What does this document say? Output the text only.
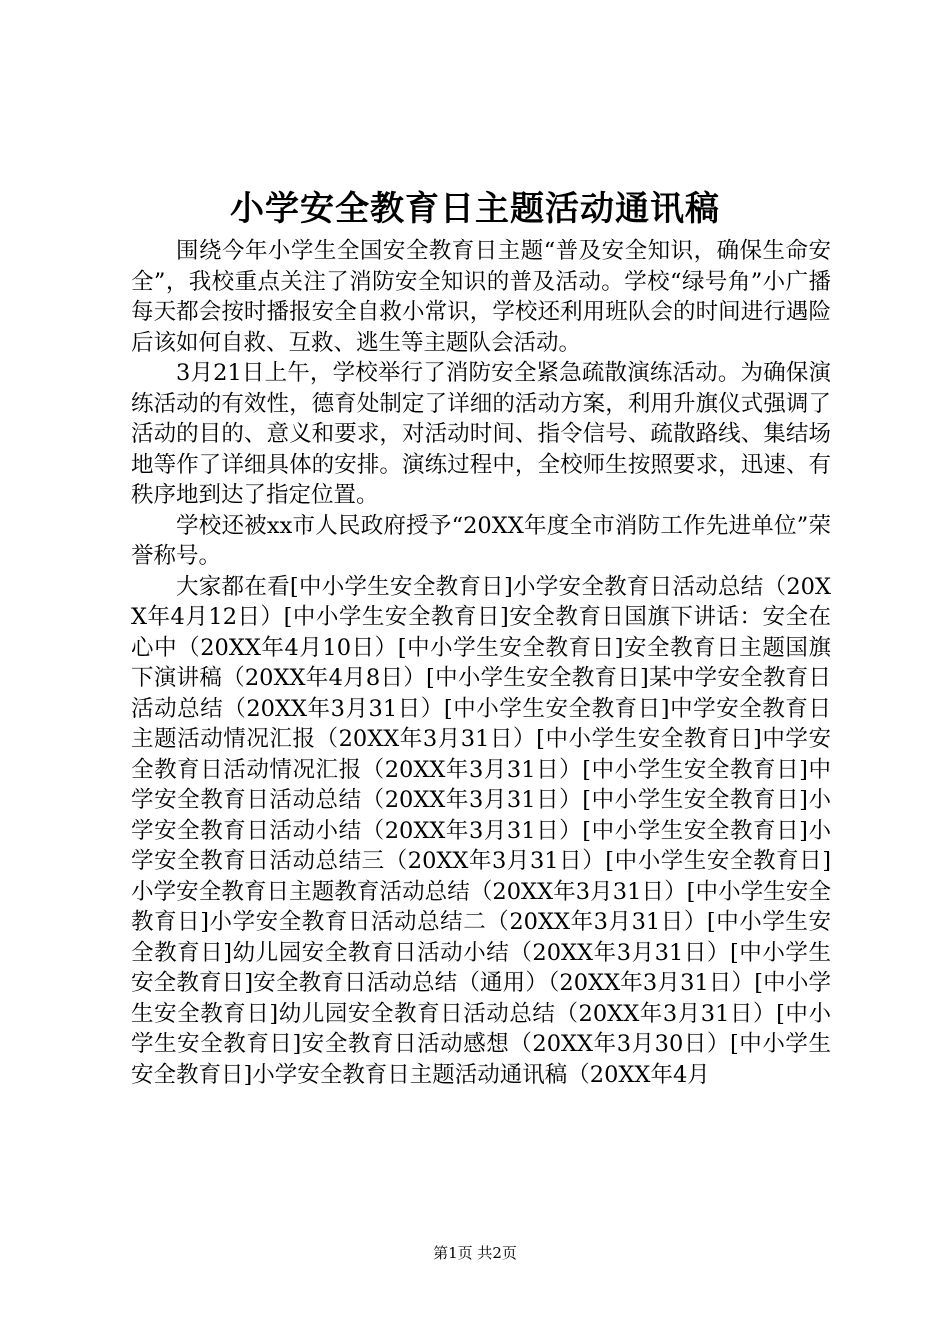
小学安全教育日主题活动通讯稿

围绕今年小学生全国安全教育日主题“普及安全知识，确保生命安全”，我校重点关注了消防安全知识的普及活动。学校“绿号角”小广播每天都会按时播报安全自救小常识，学校还利用班队会的时间进行遇险后该如何自救、互救、逃生等主题队会活动。

3月21日上午，学校举行了消防安全紧急疏散演练活动。为确保演练活动的有效性，德育处制定了详细的活动方案，利用升旗仪式强调了活动的目的、意义和要求，对活动时间、指令信号、疏散路线、集结场地等作了详细具体的安排。演练过程中，全校师生按照要求，迅速、有秩序地到达了指定位置。

学校还被xx市人民政府授予“20XX年度全市消防工作先进单位”荣誉称号。

大家都在看[中小学生安全教育日]小学安全教育日活动总结（20XX年4月12日）[中小学生安全教育日]安全教育日国旗下讲话：安全在心中（20XX年4月10日）[中小学生安全教育日]安全教育日主题国旗下演讲稿（20XX年4月8日）[中小学生安全教育日]某中学安全教育日活动总结（20XX年3月31日）[中小学生安全教育日]中学安全教育日主题活动情况汇报（20XX年3月31日）[中小学生安全教育日]中学安全教育日活动情况汇报（20XX年3月31日）[中小学生安全教育日]中学安全教育日活动总结（20XX年3月31日）[中小学生安全教育日]小学安全教育日活动小结（20XX年3月31日）[中小学生安全教育日]小学安全教育日活动总结三（20XX年3月31日）[中小学生安全教育日]小学安全教育日主题教育活动总结（20XX年3月31日）[中小学生安全教育日]小学安全教育日活动总结二（20XX年3月31日）[中小学生安全教育日]幼儿园安全教育日活动小结（20XX年3月31日）[中小学生安全教育日]安全教育日活动总结（通用）（20XX年3月31日）[中小学生安全教育日]幼儿园安全教育日活动总结（20XX年3月31日）[中小学生安全教育日]安全教育日活动感想（20XX年3月30日）[中小学生安全教育日]小学安全教育日主题活动通讯稿（20XX年4月

第1页 共2页
